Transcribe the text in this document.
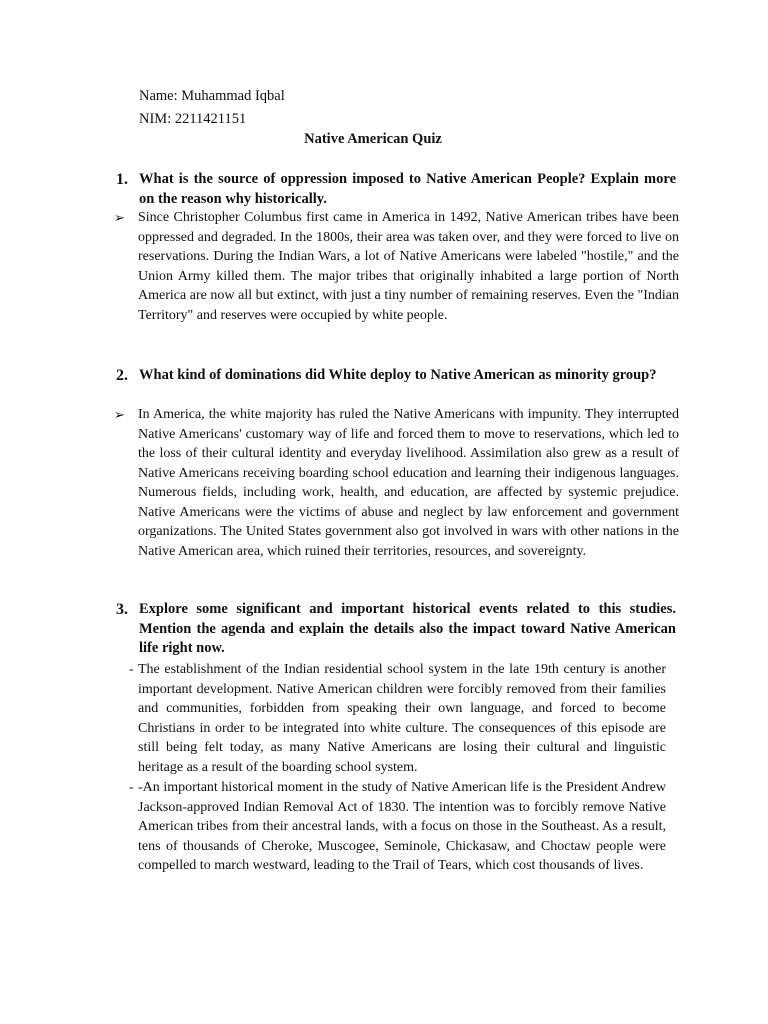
Name: Muhammad Iqbal
NIM: 2211421151
Native American Quiz
1. What is the source of oppression imposed to Native American People? Explain more on the reason why historically.
➢ Since Christopher Columbus first came in America in 1492, Native American tribes have been oppressed and degraded. In the 1800s, their area was taken over, and they were forced to live on reservations. During the Indian Wars, a lot of Native Americans were labeled "hostile," and the Union Army killed them. The major tribes that originally inhabited a large portion of North America are now all but extinct, with just a tiny number of remaining reserves. Even the "Indian Territory" and reserves were occupied by white people.
2. What kind of dominations did White deploy to Native American as minority group?
➢ In America, the white majority has ruled the Native Americans with impunity. They interrupted Native Americans' customary way of life and forced them to move to reservations, which led to the loss of their cultural identity and everyday livelihood. Assimilation also grew as a result of Native Americans receiving boarding school education and learning their indigenous languages. Numerous fields, including work, health, and education, are affected by systemic prejudice. Native Americans were the victims of abuse and neglect by law enforcement and government organizations. The United States government also got involved in wars with other nations in the Native American area, which ruined their territories, resources, and sovereignty.
3. Explore some significant and important historical events related to this studies. Mention the agenda and explain the details also the impact toward Native American life right now.
- The establishment of the Indian residential school system in the late 19th century is another important development. Native American children were forcibly removed from their families and communities, forbidden from speaking their own language, and forced to become Christians in order to be integrated into white culture. The consequences of this episode are still being felt today, as many Native Americans are losing their cultural and linguistic heritage as a result of the boarding school system.
- -An important historical moment in the study of Native American life is the President Andrew Jackson-approved Indian Removal Act of 1830. The intention was to forcibly remove Native American tribes from their ancestral lands, with a focus on those in the Southeast. As a result, tens of thousands of Cheroke, Muscogee, Seminole, Chickasaw, and Choctaw people were compelled to march westward, leading to the Trail of Tears, which cost thousands of lives.
